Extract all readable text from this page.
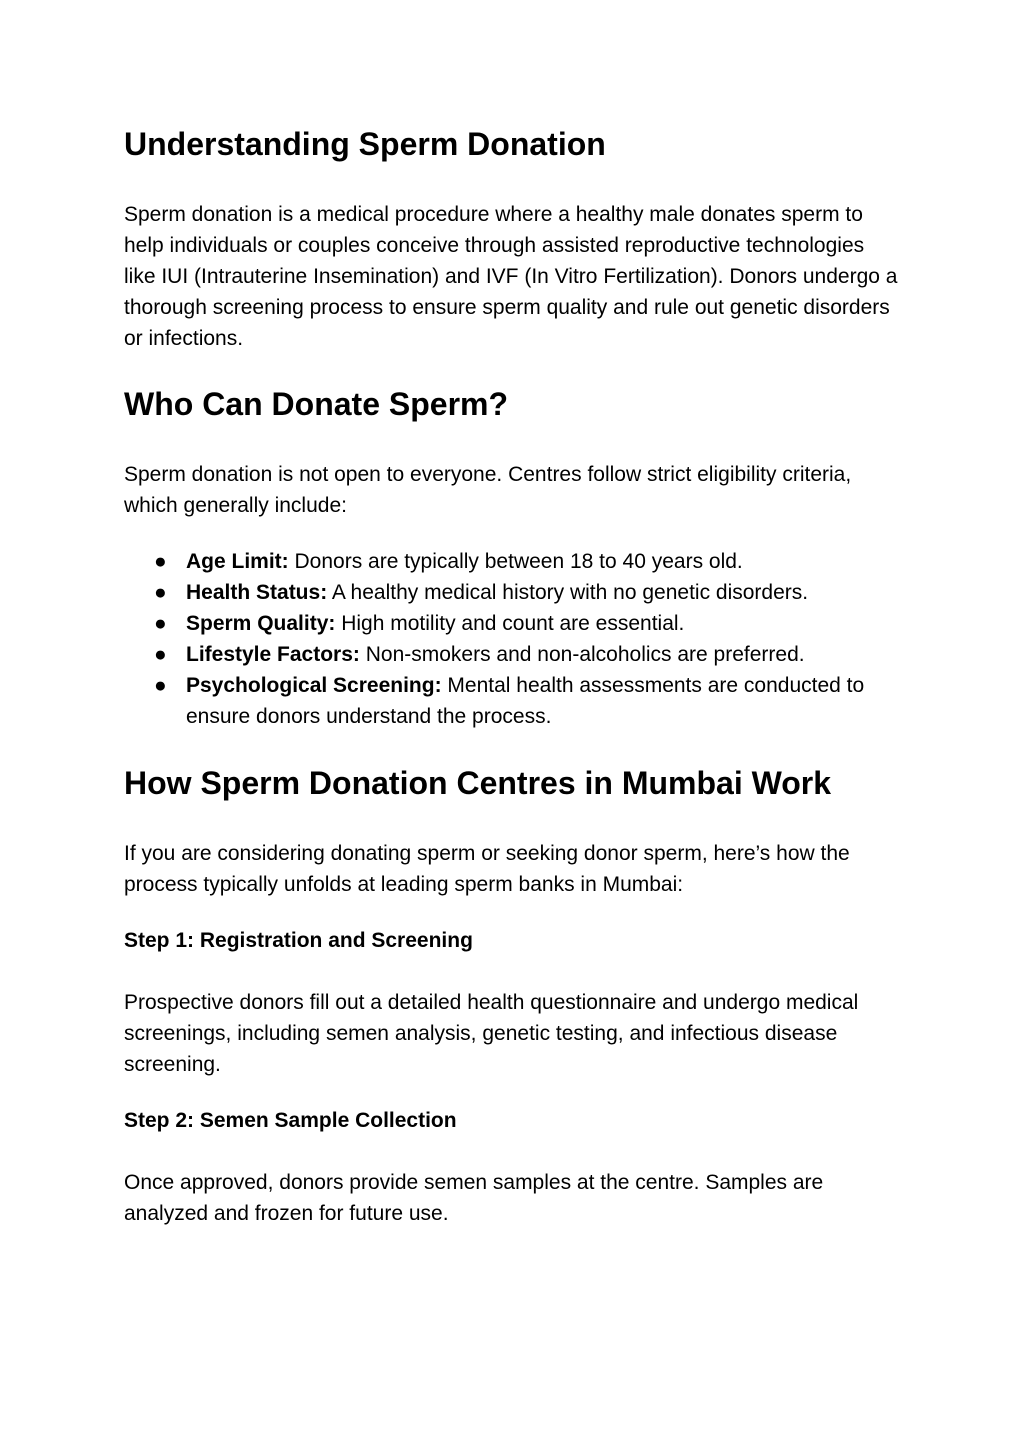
Understanding Sperm Donation

Sperm donation is a medical procedure where a healthy male donates sperm to help individuals or couples conceive through assisted reproductive technologies like IUI (Intrauterine Insemination) and IVF (In Vitro Fertilization). Donors undergo a thorough screening process to ensure sperm quality and rule out genetic disorders or infections.

Who Can Donate Sperm?

Sperm donation is not open to everyone. Centres follow strict eligibility criteria, which generally include:

● Age Limit: Donors are typically between 18 to 40 years old.
● Health Status: A healthy medical history with no genetic disorders.
● Sperm Quality: High motility and count are essential.
● Lifestyle Factors: Non-smokers and non-alcoholics are preferred.
● Psychological Screening: Mental health assessments are conducted to ensure donors understand the process.
How Sperm Donation Centres in Mumbai Work

If you are considering donating sperm or seeking donor sperm, here’s how the process typically unfolds at leading sperm banks in Mumbai:

Step 1: Registration and Screening

Prospective donors fill out a detailed health questionnaire and undergo medical screenings, including semen analysis, genetic testing, and infectious disease screening.

Step 2: Semen Sample Collection

Once approved, donors provide semen samples at the centre. Samples are analyzed and frozen for future use.
